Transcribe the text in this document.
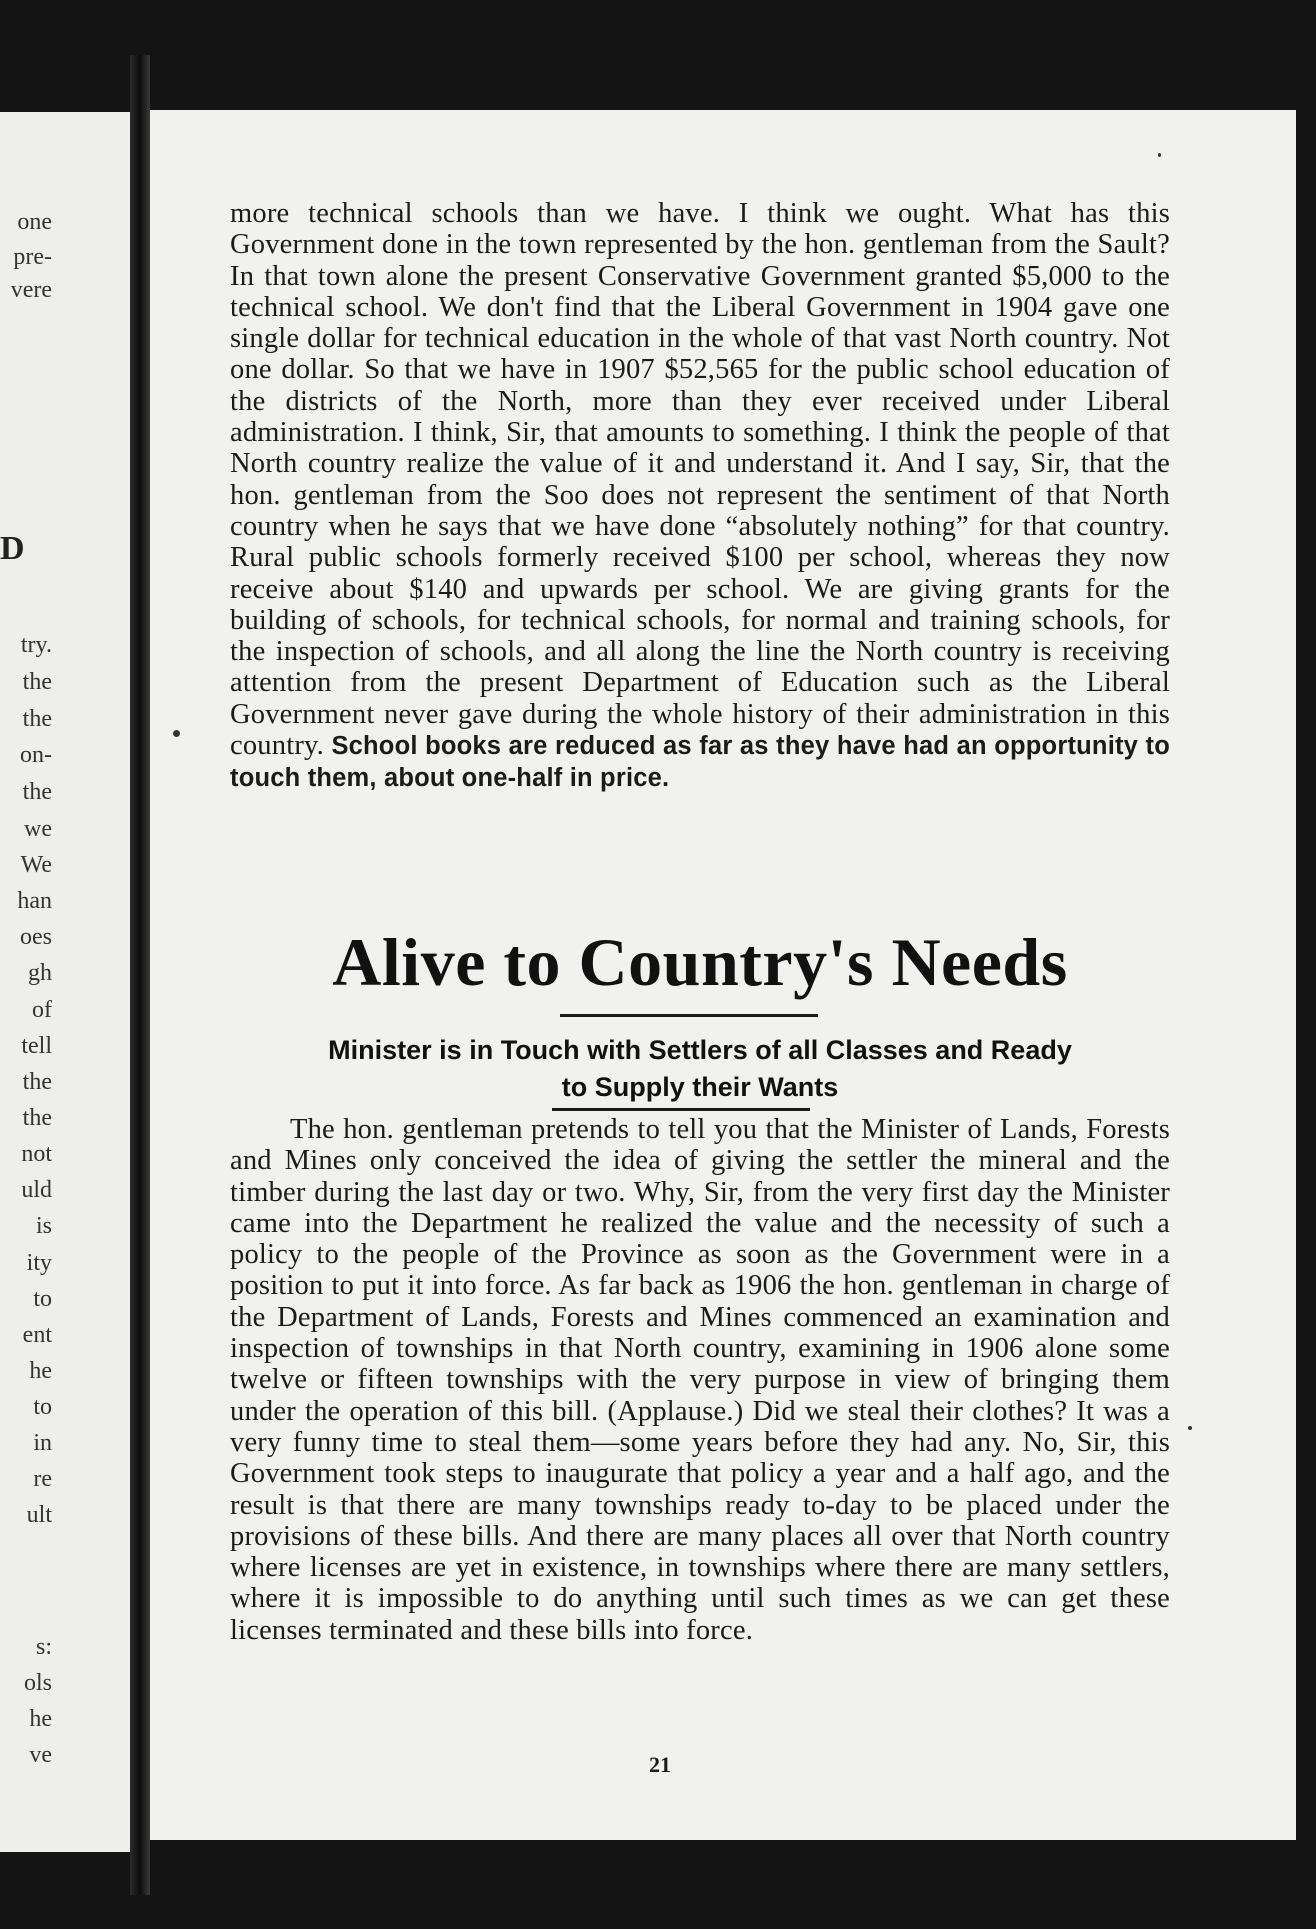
one
pre-
vere
try.
the
the
on-
the
we
We
han
oes
gh
of
tell
the
the
not
uld
is
ity
to
ent
he
to
in
re
ult
s:
ols
he
ve
D

more technical schools than we have. I think we ought. What has this Government done in the town represented by the hon. gentleman from the Sault? In that town alone the present Conservative Government granted $5,000 to the technical school. We don't find that the Liberal Government in 1904 gave one single dollar for technical education in the whole of that vast North country. Not one dollar. So that we have in 1907 $52,565 for the public school education of the districts of the North, more than they ever received under Liberal administration. I think, Sir, that amounts to something. I think the people of that North country realize the value of it and understand it. And I say, Sir, that the hon. gentleman from the Soo does not represent the sentiment of that North country when he says that we have done “absolutely nothing” for that country. Rural public schools formerly received $100 per school, whereas they now receive about $140 and upwards per school. We are giving grants for the building of schools, for technical schools, for normal and training schools, for the inspection of schools, and all along the line the North country is receiving attention from the present Department of Education such as the Liberal Government never gave during the whole history of their administration in this country. School books are reduced as far as they have had an opportunity to touch them, about one-half in price.

Alive to Country's Needs
Minister is in Touch with Settlers of all Classes and Ready
to Supply their Wants

The hon. gentleman pretends to tell you that the Minister of Lands, Forests and Mines only conceived the idea of giving the settler the mineral and the timber during the last day or two. Why, Sir, from the very first day the Minister came into the Department he realized the value and the necessity of such a policy to the people of the Province as soon as the Government were in a position to put it into force. As far back as 1906 the hon. gentleman in charge of the Department of Lands, Forests and Mines commenced an examination and inspection of townships in that North country, examining in 1906 alone some twelve or fifteen townships with the very purpose in view of bringing them under the operation of this bill. (Applause.) Did we steal their clothes? It was a very funny time to steal them—some years before they had any. No, Sir, this Government took steps to inaugurate that policy a year and a half ago, and the result is that there are many townships ready to-day to be placed under the provisions of these bills. And there are many places all over that North country where licenses are yet in existence, in townships where there are many settlers, where it is impossible to do anything until such times as we can get these licenses terminated and these bills into force.

21
